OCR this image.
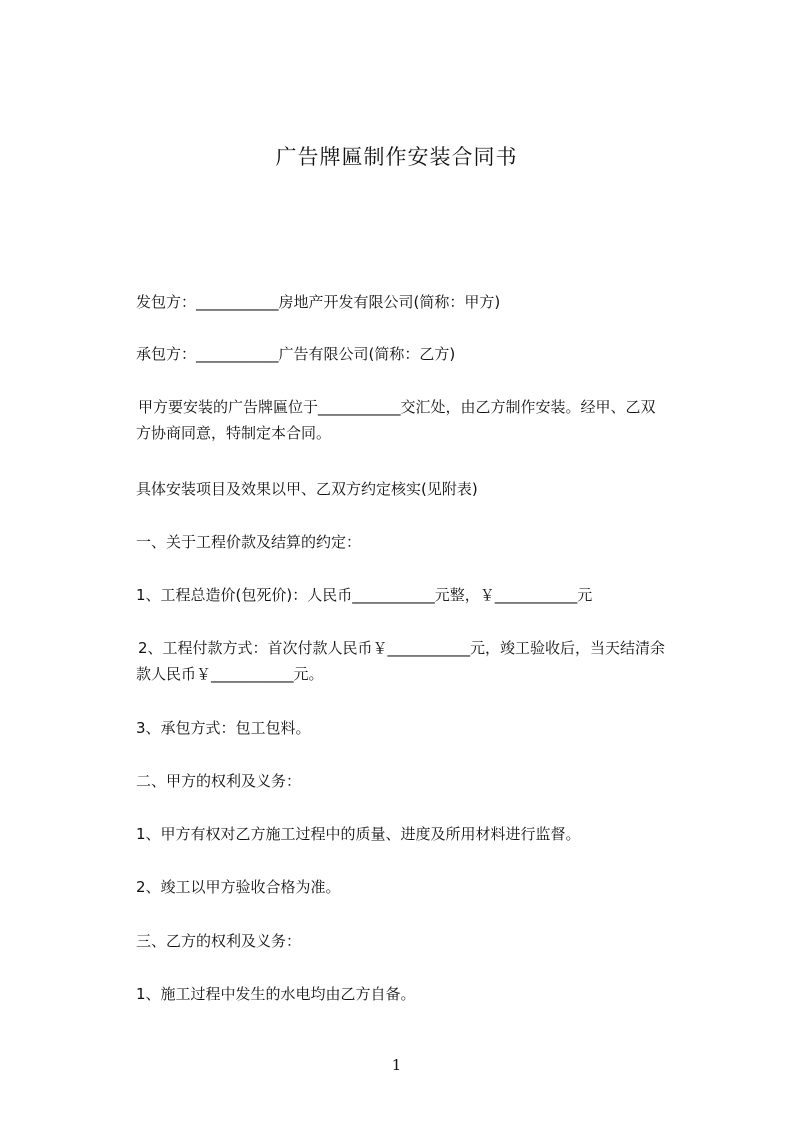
广告牌匾制作安装合同书
发包方：___________房地产开发有限公司(简称：甲方)
承包方：___________广告有限公司(简称：乙方)
甲方要安装的广告牌匾位于___________交汇处，由乙方制作安装。经甲、乙双
方协商同意，特制定本合同。
具体安装项目及效果以甲、乙双方约定核实(见附表)
一、关于工程价款及结算的约定：
1、工程总造价(包死价)：人民币___________元整，￥___________元
2、工程付款方式：首次付款人民币￥___________元，竣工验收后，当天结清余
款人民币￥___________元。
3、承包方式：包工包料。
二、甲方的权利及义务：
1、甲方有权对乙方施工过程中的质量、进度及所用材料进行监督。
2、竣工以甲方验收合格为准。
三、乙方的权利及义务：
1、施工过程中发生的水电均由乙方自备。
1
